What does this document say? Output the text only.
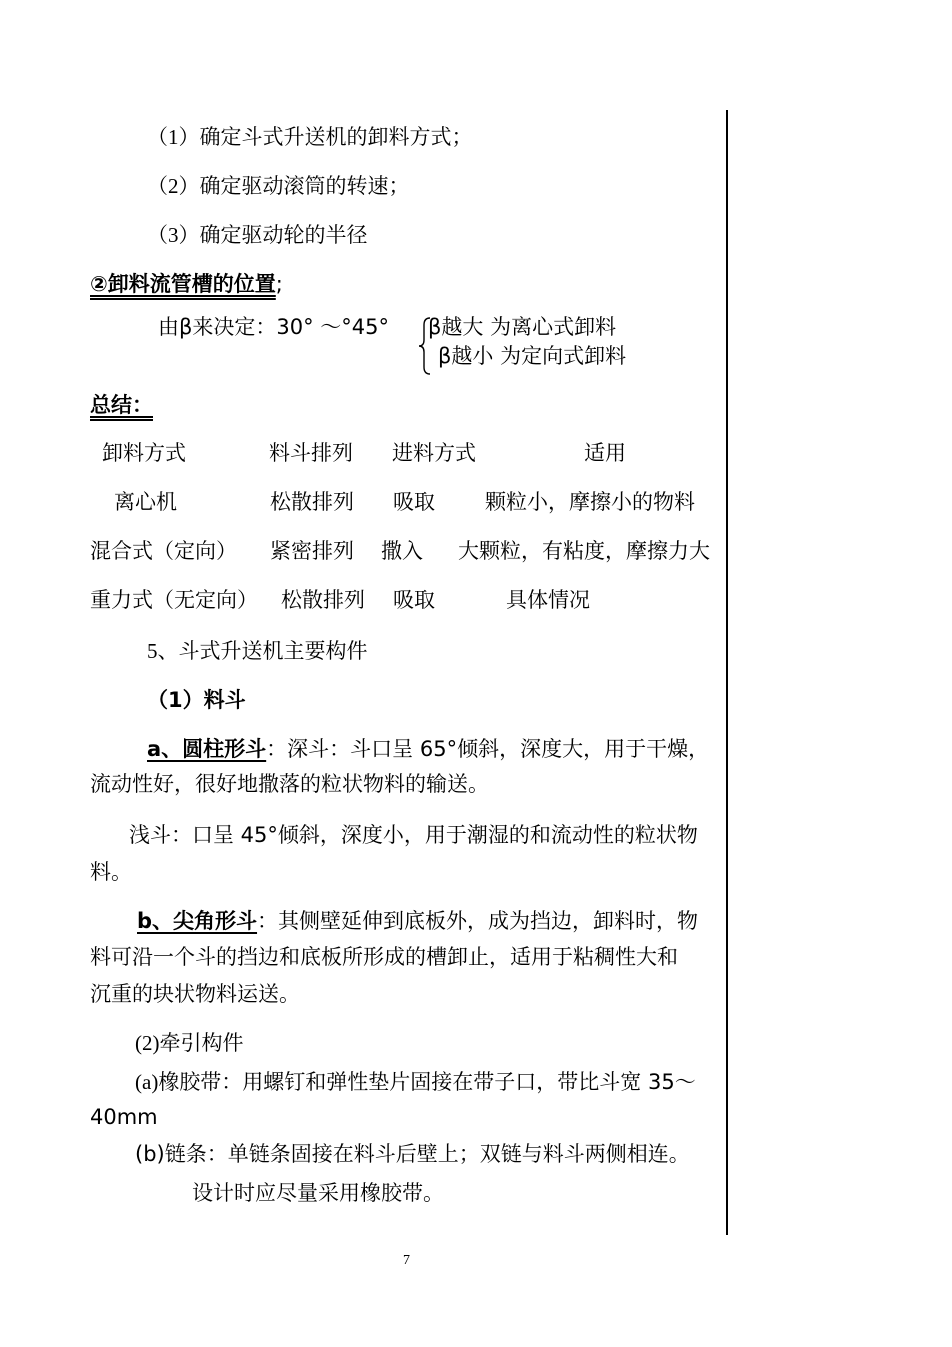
（1）确定斗式升送机的卸料方式；
（2）确定驱动滚筒的转速；
（3）确定驱动轮的半径
②卸料流管槽的位置;
由β来决定：30° ～°45° β越大 为离心式卸料
β越小 为定向式卸料
总结：
卸料方式	料斗排列 进料方式	适用
离心机	松散排列 吸取 颗粒小，摩擦小的物料
混合式（定向） 紧密排列 撒入 大颗粒，有粘度，摩擦力大
重力式（无定向） 松散排列 吸取	具体情况
5、斗式升送机主要构件
（1）料斗
a、圆柱形斗：深斗：斗口呈 65°倾斜，深度大，用于干燥，
流动性好，很好地撒落的粒状物料的输送。
浅斗：口呈 45°倾斜，深度小，用于潮湿的和流动性的粒状物
料。
b、尖角形斗：其侧壁延伸到底板外，成为挡边，卸料时，物
料可沿一个斗的挡边和底板所形成的槽卸止，适用于粘稠性大和
沉重的块状物料运送。
(2)牵引构件
(a)橡胶带：用螺钉和弹性垫片固接在带子口，带比斗宽 35～
40mm
(b)链条：单链条固接在料斗后壁上；双链与料斗两侧相连。
设计时应尽量采用橡胶带。
7
